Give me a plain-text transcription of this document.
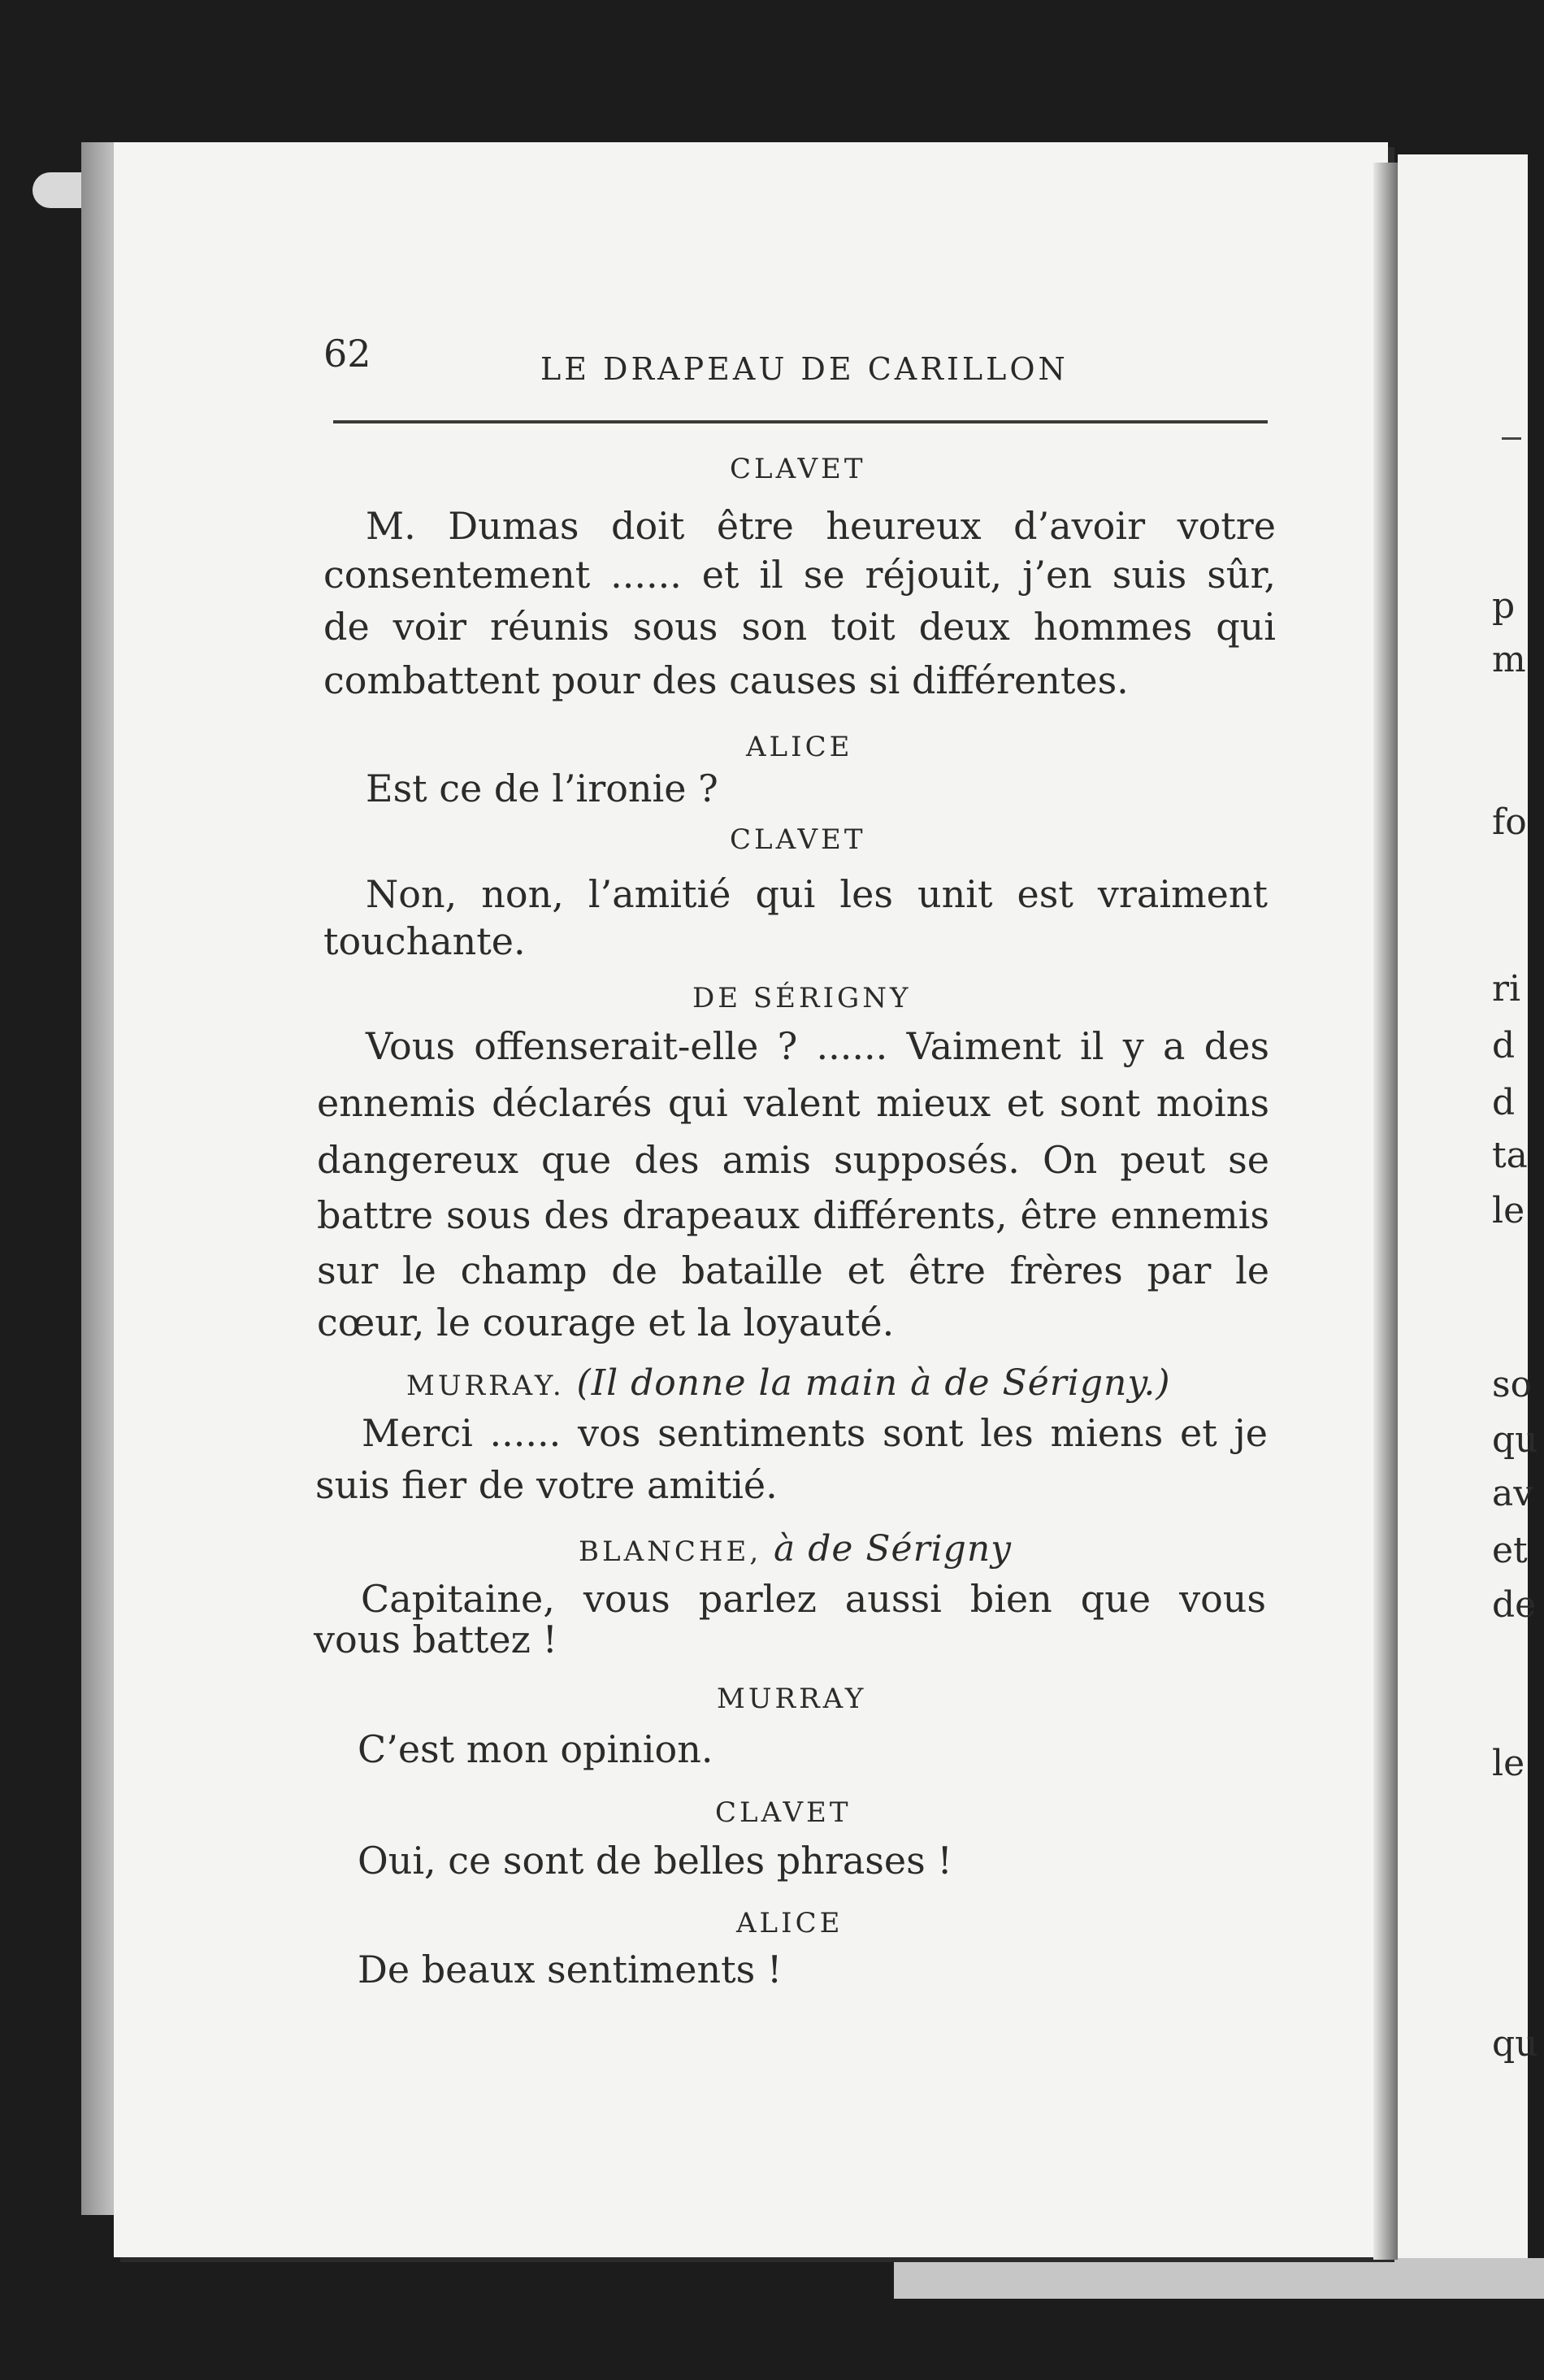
p
m
fo
ri
d
d
ta
le
so
qu
av
et
de
le
qu
62	LE DRAPEAU DE CARILLON
CLAVET
M. Dumas doit être heureux d’avoir votre
consentement ...... et il se réjouit, j’en suis sûr,
de voir réunis sous son toit deux hommes qui
combattent pour des causes si différentes.
ALICE
Est ce de l’ironie ?
CLAVET
Non, non, l’amitié qui les unit est vraiment
touchante.
DE SÉRIGNY
Vous offenserait-elle ? ...... Vaiment il y a des
ennemis déclarés qui valent mieux et sont moins
dangereux que des amis supposés. On peut se
battre sous des drapeaux différents, être ennemis
sur le champ de bataille et être frères par le
cœur, le courage et la loyauté.
MURRAY. (Il donne la main à de Sérigny.)
Merci ...... vos sentiments sont les miens et je
suis fier de votre amitié.
BLANCHE, à de Sérigny
Capitaine, vous parlez aussi bien que vous
vous battez !
MURRAY
C’est mon opinion.
CLAVET
Oui, ce sont de belles phrases !
ALICE
De beaux sentiments !
